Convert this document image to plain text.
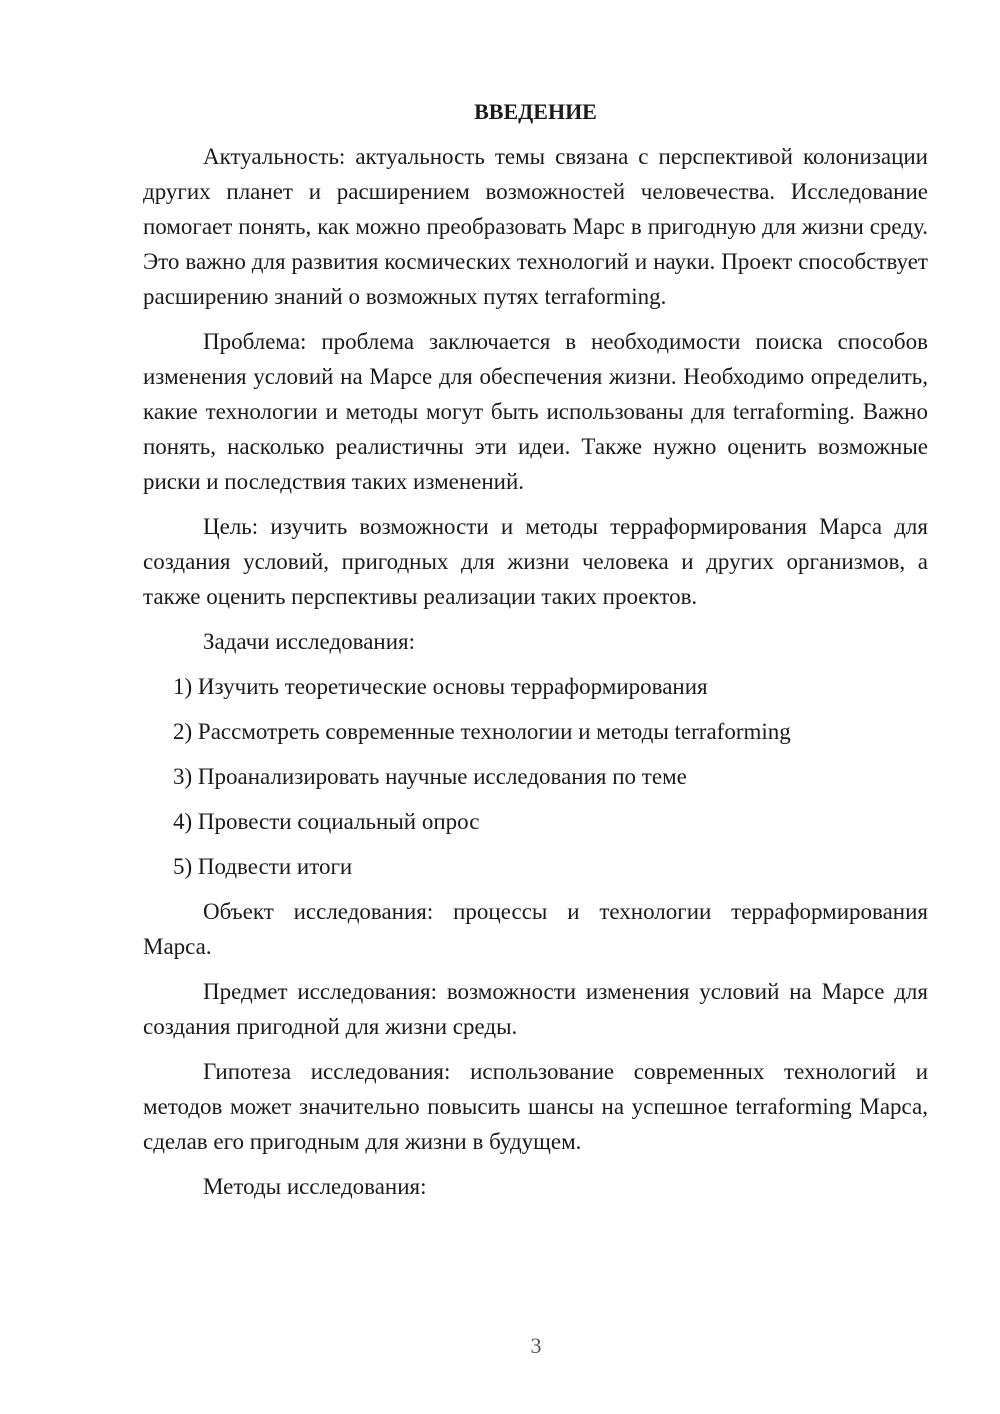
ВВЕДЕНИЕ

Актуальность: актуальность темы связана с перспективой колонизации других планет и расширением возможностей человечества. Исследование помогает понять, как можно преобразовать Марс в пригодную для жизни среду. Это важно для развития космических технологий и науки. Проект способствует расширению знаний о возможных путях terraforming.

Проблема: проблема заключается в необходимости поиска способов изменения условий на Марсе для обеспечения жизни. Необходимо определить, какие технологии и методы могут быть использованы для terraforming. Важно понять, насколько реалистичны эти идеи. Также нужно оценить возможные риски и последствия таких изменений.

Цель: изучить возможности и методы терраформирования Марса для создания условий, пригодных для жизни человека и других организмов, а также оценить перспективы реализации таких проектов.

Задачи исследования:

1) Изучить теоретические основы терраформирования
2) Рассмотреть современные технологии и методы terraforming
3) Проанализировать научные исследования по теме
4) Провести социальный опрос
5) Подвести итоги

Объект исследования: процессы и технологии терраформирования Марса.

Предмет исследования: возможности изменения условий на Марсе для создания пригодной для жизни среды.

Гипотеза исследования: использование современных технологий и методов может значительно повысить шансы на успешное terraforming Марса, сделав его пригодным для жизни в будущем.

Методы исследования:

3
